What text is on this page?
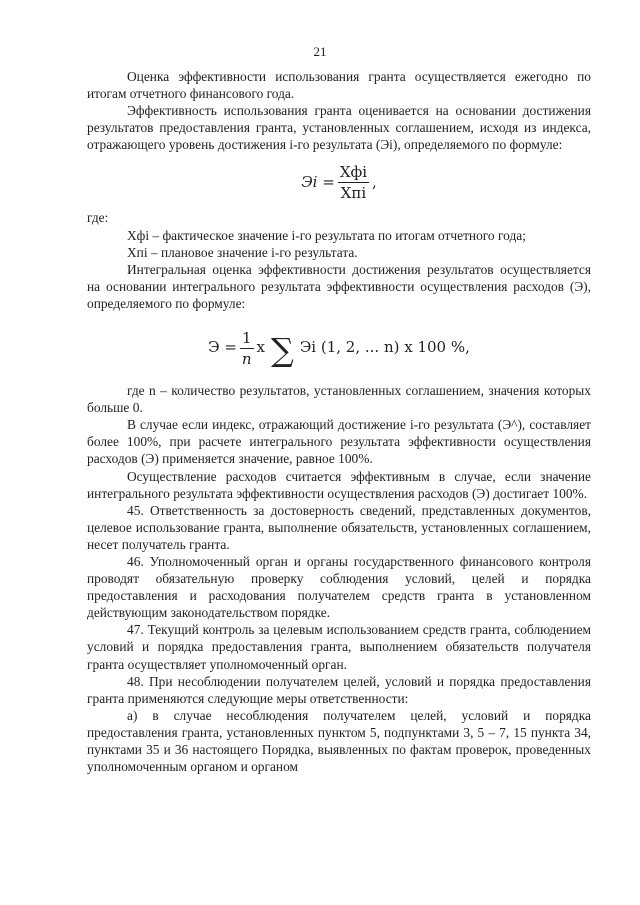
21

Оценка эффективности использования гранта осуществляется ежегодно по итогам отчетного финансового года.

Эффективность использования гранта оценивается на основании достижения результатов предоставления гранта, установленных соглашением, исходя из индекса, отражающего уровень достижения і-го результата (Эi), определяемого по формуле:

Эi = $\frac{\text{Хфi}}{\text{Хпi}}$ ,

где:

Хфi – фактическое значение i-го результата по итогам отчетного года;

Хпi – плановое значение i-го результата.

Интегральная оценка эффективности достижения результатов осуществляется на основании интегрального результата эффективности осуществления расходов (Э), определяемого по формуле:

$Э = \frac{1}{n}$ x ∑ Эi (1, 2, ... n) x 100 %,

где n – количество результатов, установленных соглашением, значения которых больше 0.

В случае если индекс, отражающий достижение i-го результата (Э^), составляет более 100%, при расчете интегрального результата эффективности осуществления расходов (Э) применяется значение, равное 100%.

Осуществление расходов считается эффективным в случае, если значение интегрального результата эффективности осуществления расходов (Э) достигает 100%.

45. Ответственность за достоверность сведений, представленных документов, целевое использование гранта, выполнение обязательств, установленных соглашением, несет получатель гранта.

46. Уполномоченный орган и органы государственного финансового контроля проводят обязательную проверку соблюдения условий, целей и порядка предоставления и расходования получателем средств гранта в установленном действующим законодательством порядке.

47. Текущий контроль за целевым использованием средств гранта, соблюдением условий и порядка предоставления гранта, выполнением обязательств получателя гранта осуществляет уполномоченный орган.

48. При несоблюдении получателем целей, условий и порядка предоставления гранта применяются следующие меры ответственности:

а) в случае несоблюдения получателем целей, условий и порядка предоставления гранта, установленных пунктом 5, подпунктами 3, 5 – 7, 15 пункта 34, пунктами 35 и 36 настоящего Порядка, выявленных по фактам проверок, проведенных уполномоченным органом и органом
